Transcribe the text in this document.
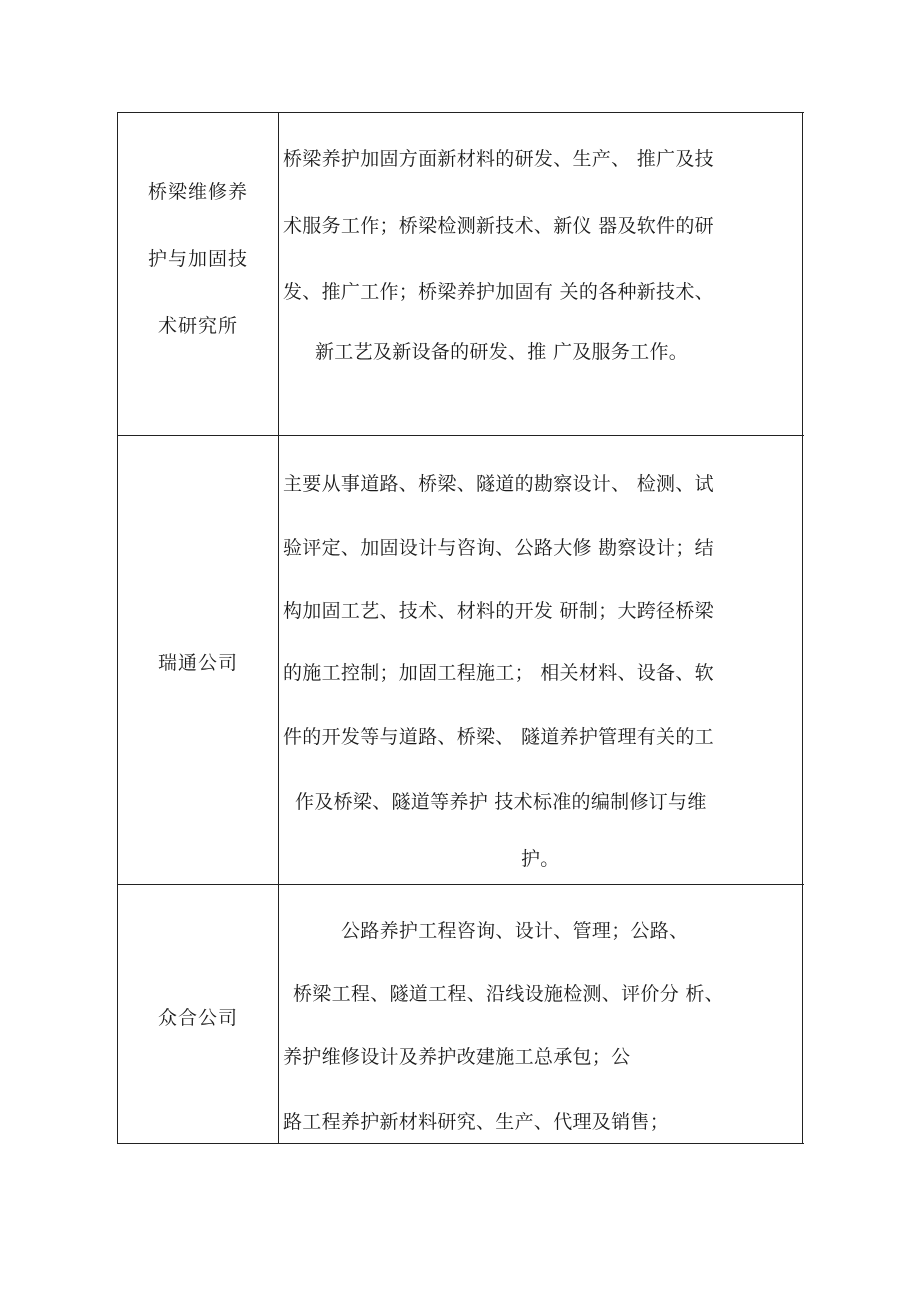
桥梁维修养
护与加固技
术研究所
桥梁养护加固方面新材料的研发、生产、 推广及技
术服务工作；桥梁检测新技术、新仪 器及软件的研
发、推广工作；桥梁养护加固有 关的各种新技术、
新工艺及新设备的研发、推 广及服务工作。
瑞通公司
主要从事道路、桥梁、隧道的勘察设计、 检测、试
验评定、加固设计与咨询、公路大修 勘察设计；结
构加固工艺、技术、材料的开发 研制；大跨径桥梁
的施工控制；加固工程施工； 相关材料、设备、软
件的开发等与道路、桥梁、 隧道养护管理有关的工
作及桥梁、隧道等养护 技术标准的编制修订与维
护。
众合公司
公路养护工程咨询、设计、管理；公路、
桥梁工程、隧道工程、沿线设施检测、评价分 析、
养护维修设计及养护改建施工总承包；公
路工程养护新材料研究、生产、代理及销售；
